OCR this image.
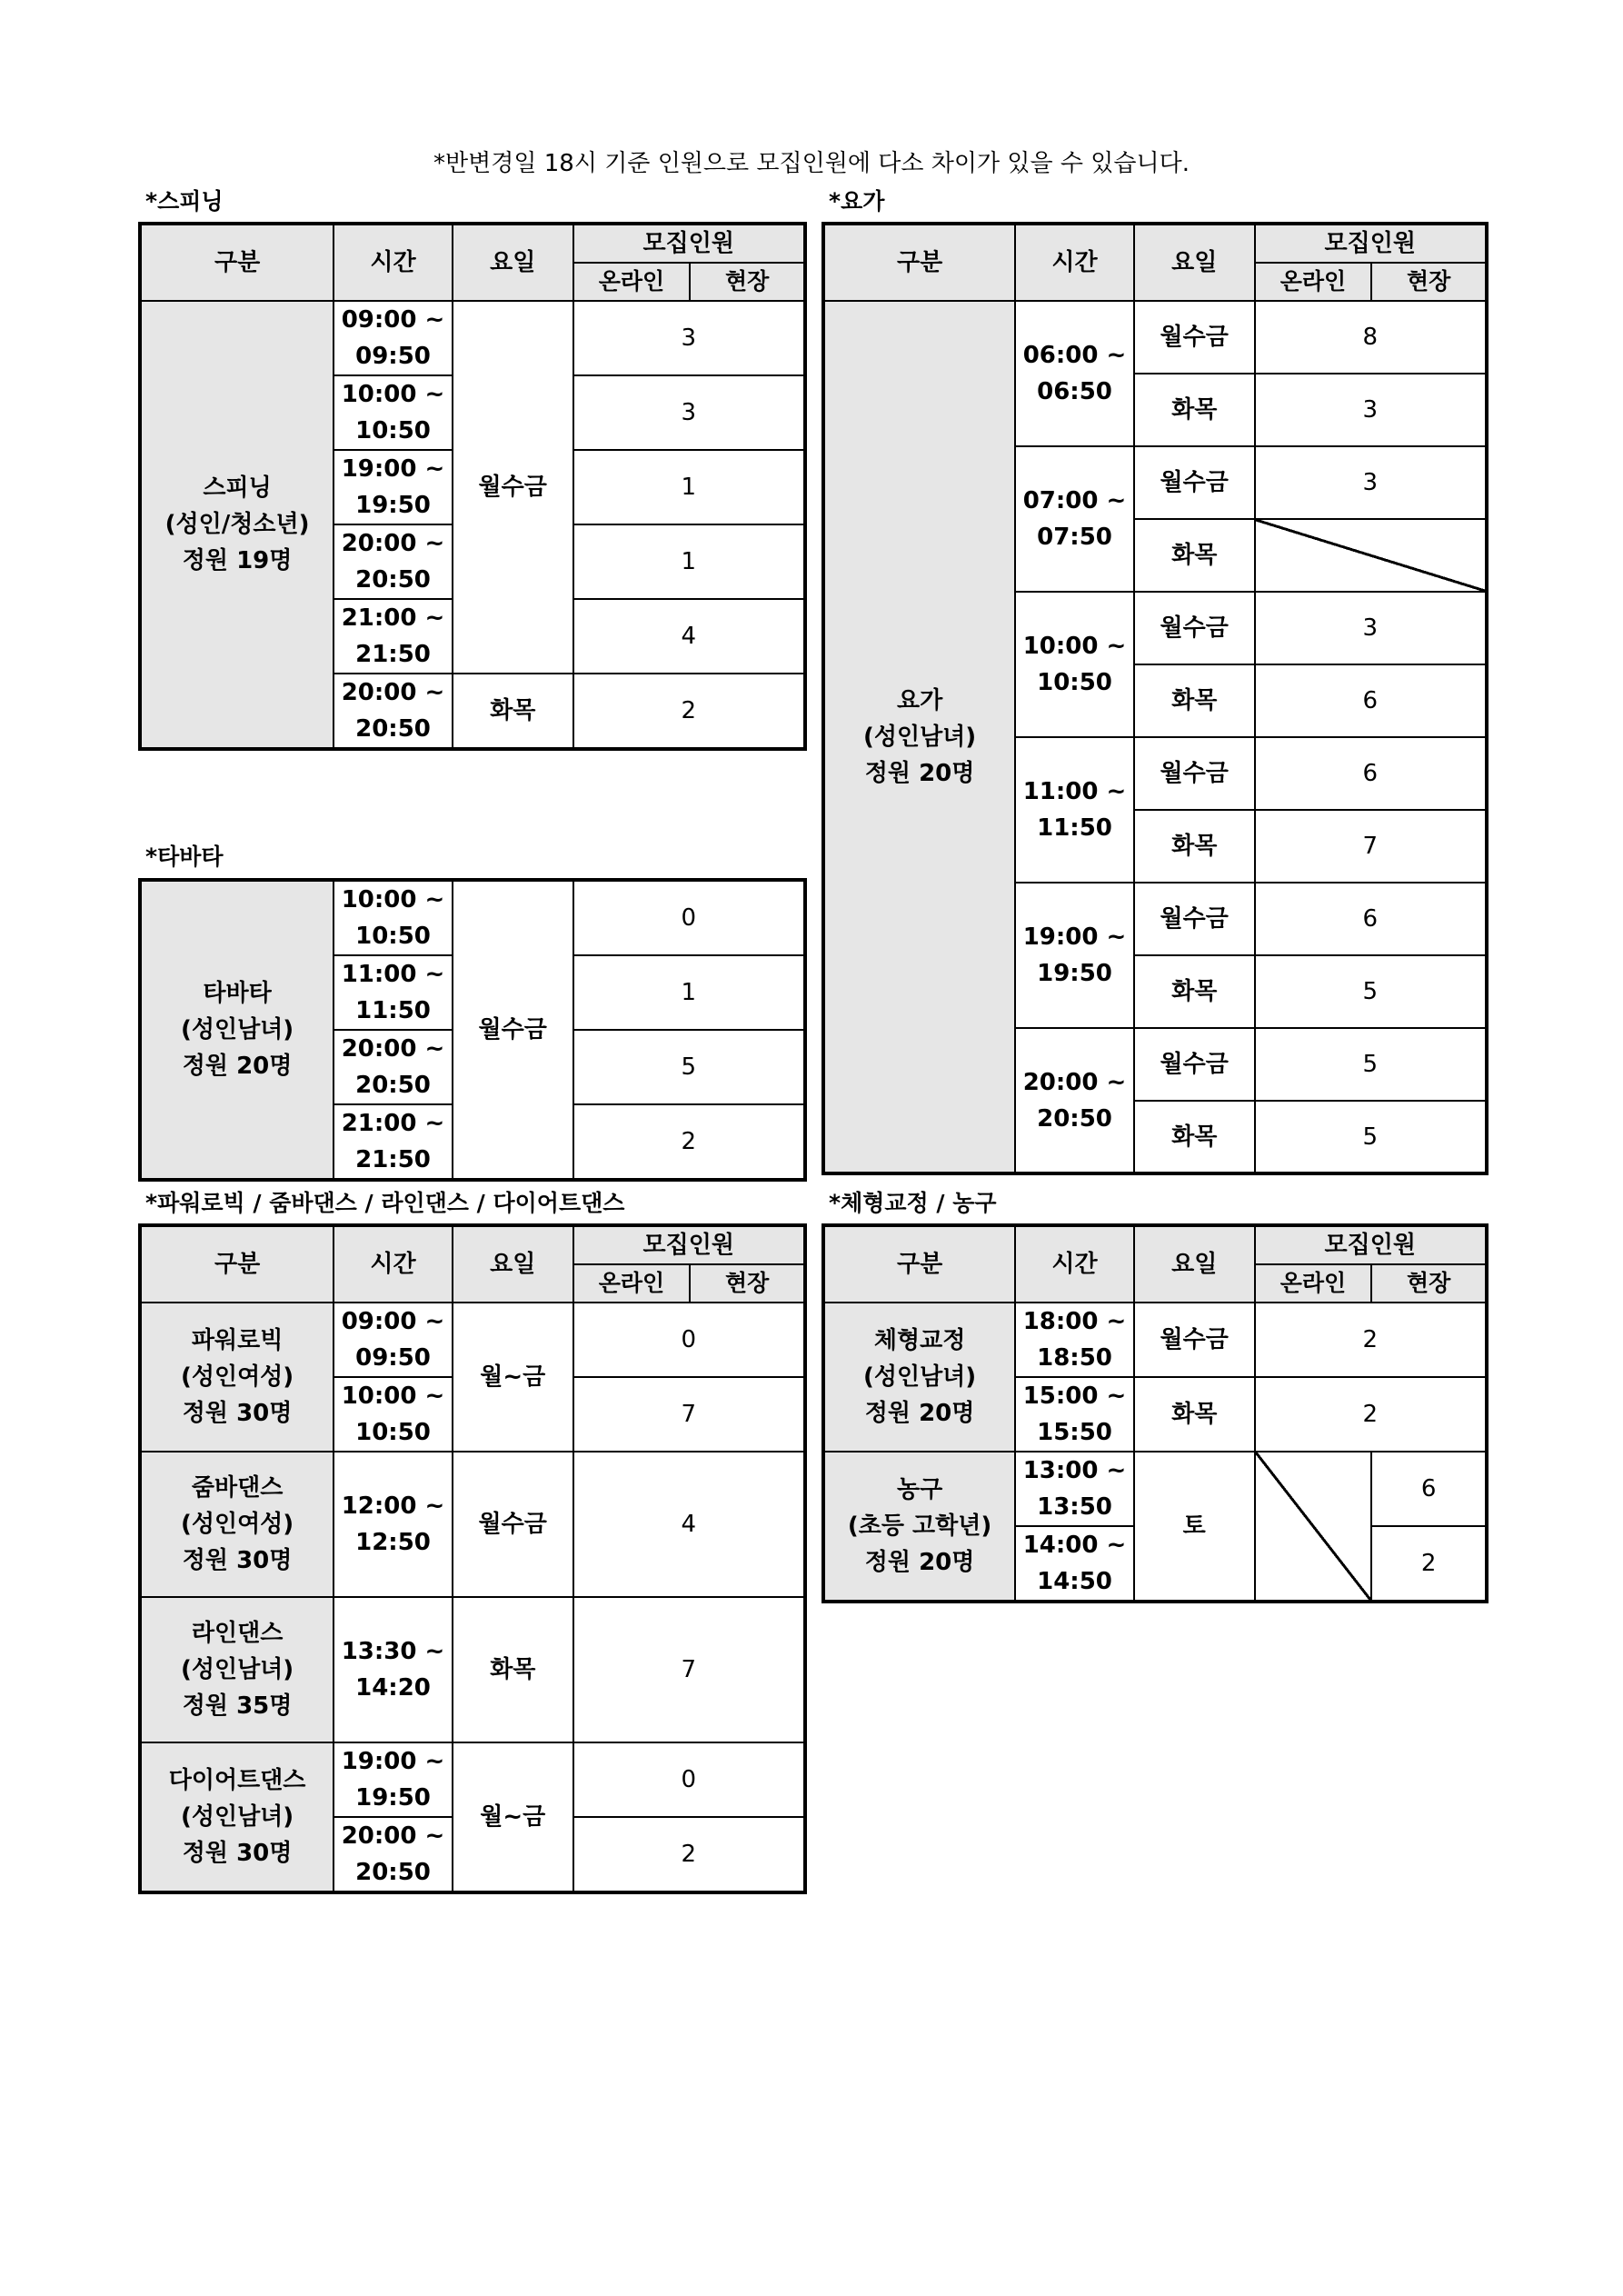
*반변경일 18시 기준 인원으로 모집인원에 다소 차이가 있을 수 있습니다.
*스피닝
구분	시간	요일	모집인원	
			온라인	현장

스피닝
(성인/청소년)
정원 19명	09:00 ~
09:50	월수금	3	

	10:00 ~
10:50		3	

	19:00 ~
19:50		1	

	20:00 ~
20:50		1	

	21:00 ~
21:50		4	

	20:00 ~
20:50	화목	2	
*타바타
타바타
(성인남녀)
정원 20명	10:00 ~
10:50	월수금	0

	11:00 ~
11:50		1

	20:00 ~
20:50		5

	21:00 ~
21:50		2
*요가
구분	시간	요일	모집인원	
			온라인	현장

요가
(성인남녀)
정원 20명	06:00 ~
06:50	월수금	8	
		화목	3	

	07:00 ~
07:50	월수금	3	
		화목		

	10:00 ~
10:50	월수금	3	
		화목	6	

	11:00 ~
11:50	월수금	6	
		화목	7	

	19:00 ~
19:50	월수금	6	
		화목	5	

	20:00 ~
20:50	월수금	5	
		화목	5	
*파워로빅 / 줌바댄스 / 라인댄스 / 다이어트댄스
구분	시간	요일	모집인원	
			온라인	현장

파워로빅
(성인여성)
정원 30명	09:00 ~
09:50	월~금	0	

	10:00 ~
10:50		7	

줌바댄스
(성인여성)
정원 30명	12:00 ~
12:50	월수금	4	

라인댄스
(성인남녀)
정원 35명	13:30 ~
14:20	화목	7	

다이어트댄스
(성인남녀)
정원 30명	19:00 ~
19:50	월~금	0	

	20:00 ~
20:50		2	
*체형교정 / 농구
구분	시간	요일	모집인원	
			온라인	현장

체형교정
(성인남녀)
정원 20명	18:00 ~
18:50	월수금	2	

	15:00 ~
15:50	화목	2	

농구
(초등 고학년)
정원 20명	13:00 ~
13:50	토		6

	14:00 ~
14:50			2
